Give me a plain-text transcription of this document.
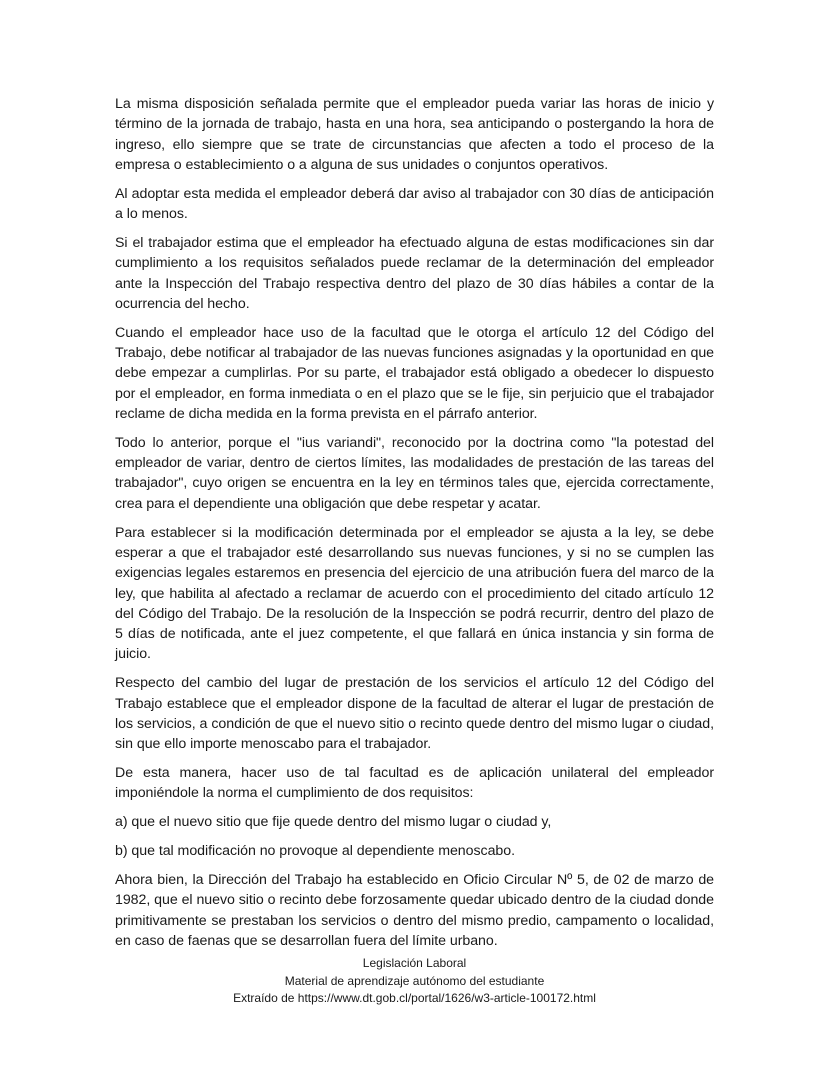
La misma disposición señalada permite que el empleador pueda variar las horas de inicio y término de la jornada de trabajo, hasta en una hora, sea anticipando o postergando la hora de ingreso, ello siempre que se trate de circunstancias que afecten a todo el proceso de la empresa o establecimiento o a alguna de sus unidades o conjuntos operativos.

Al adoptar esta medida el empleador deberá dar aviso al trabajador con 30 días de anticipación a lo menos.

Si el trabajador estima que el empleador ha efectuado alguna de estas modificaciones sin dar cumplimiento a los requisitos señalados puede reclamar de la determinación del empleador ante la Inspección del Trabajo respectiva dentro del plazo de 30 días hábiles a contar de la ocurrencia del hecho.

Cuando el empleador hace uso de la facultad que le otorga el artículo 12 del Código del Trabajo, debe notificar al trabajador de las nuevas funciones asignadas y la oportunidad en que debe empezar a cumplirlas. Por su parte, el trabajador está obligado a obedecer lo dispuesto por el empleador, en forma inmediata o en el plazo que se le fije, sin perjuicio que el trabajador reclame de dicha medida en la forma prevista en el párrafo anterior.

Todo lo anterior, porque el "ius variandi", reconocido por la doctrina como "la potestad del empleador de variar, dentro de ciertos límites, las modalidades de prestación de las tareas del trabajador", cuyo origen se encuentra en la ley en términos tales que, ejercida correctamente, crea para el dependiente una obligación que debe respetar y acatar.

Para establecer si la modificación determinada por el empleador se ajusta a la ley, se debe esperar a que el trabajador esté desarrollando sus nuevas funciones, y si no se cumplen las exigencias legales estaremos en presencia del ejercicio de una atribución fuera del marco de la ley, que habilita al afectado a reclamar de acuerdo con el procedimiento del citado artículo 12 del Código del Trabajo. De la resolución de la Inspección se podrá recurrir, dentro del plazo de 5 días de notificada, ante el juez competente, el que fallará en única instancia y sin forma de juicio.

Respecto del cambio del lugar de prestación de los servicios el artículo 12 del Código del Trabajo establece que el empleador dispone de la facultad de alterar el lugar de prestación de los servicios, a condición de que el nuevo sitio o recinto quede dentro del mismo lugar o ciudad, sin que ello importe menoscabo para el trabajador.

De esta manera, hacer uso de tal facultad es de aplicación unilateral del empleador imponiéndole la norma el cumplimiento de dos requisitos:

a) que el nuevo sitio que fije quede dentro del mismo lugar o ciudad y,

b) que tal modificación no provoque al dependiente menoscabo.

Ahora bien, la Dirección del Trabajo ha establecido en Oficio Circular Nº 5, de 02 de marzo de 1982, que el nuevo sitio o recinto debe forzosamente quedar ubicado dentro de la ciudad donde primitivamente se prestaban los servicios o dentro del mismo predio, campamento o localidad, en caso de faenas que se desarrollan fuera del límite urbano.

Legislación Laboral
Material de aprendizaje autónomo del estudiante
Extraído de https://www.dt.gob.cl/portal/1626/w3-article-100172.html
